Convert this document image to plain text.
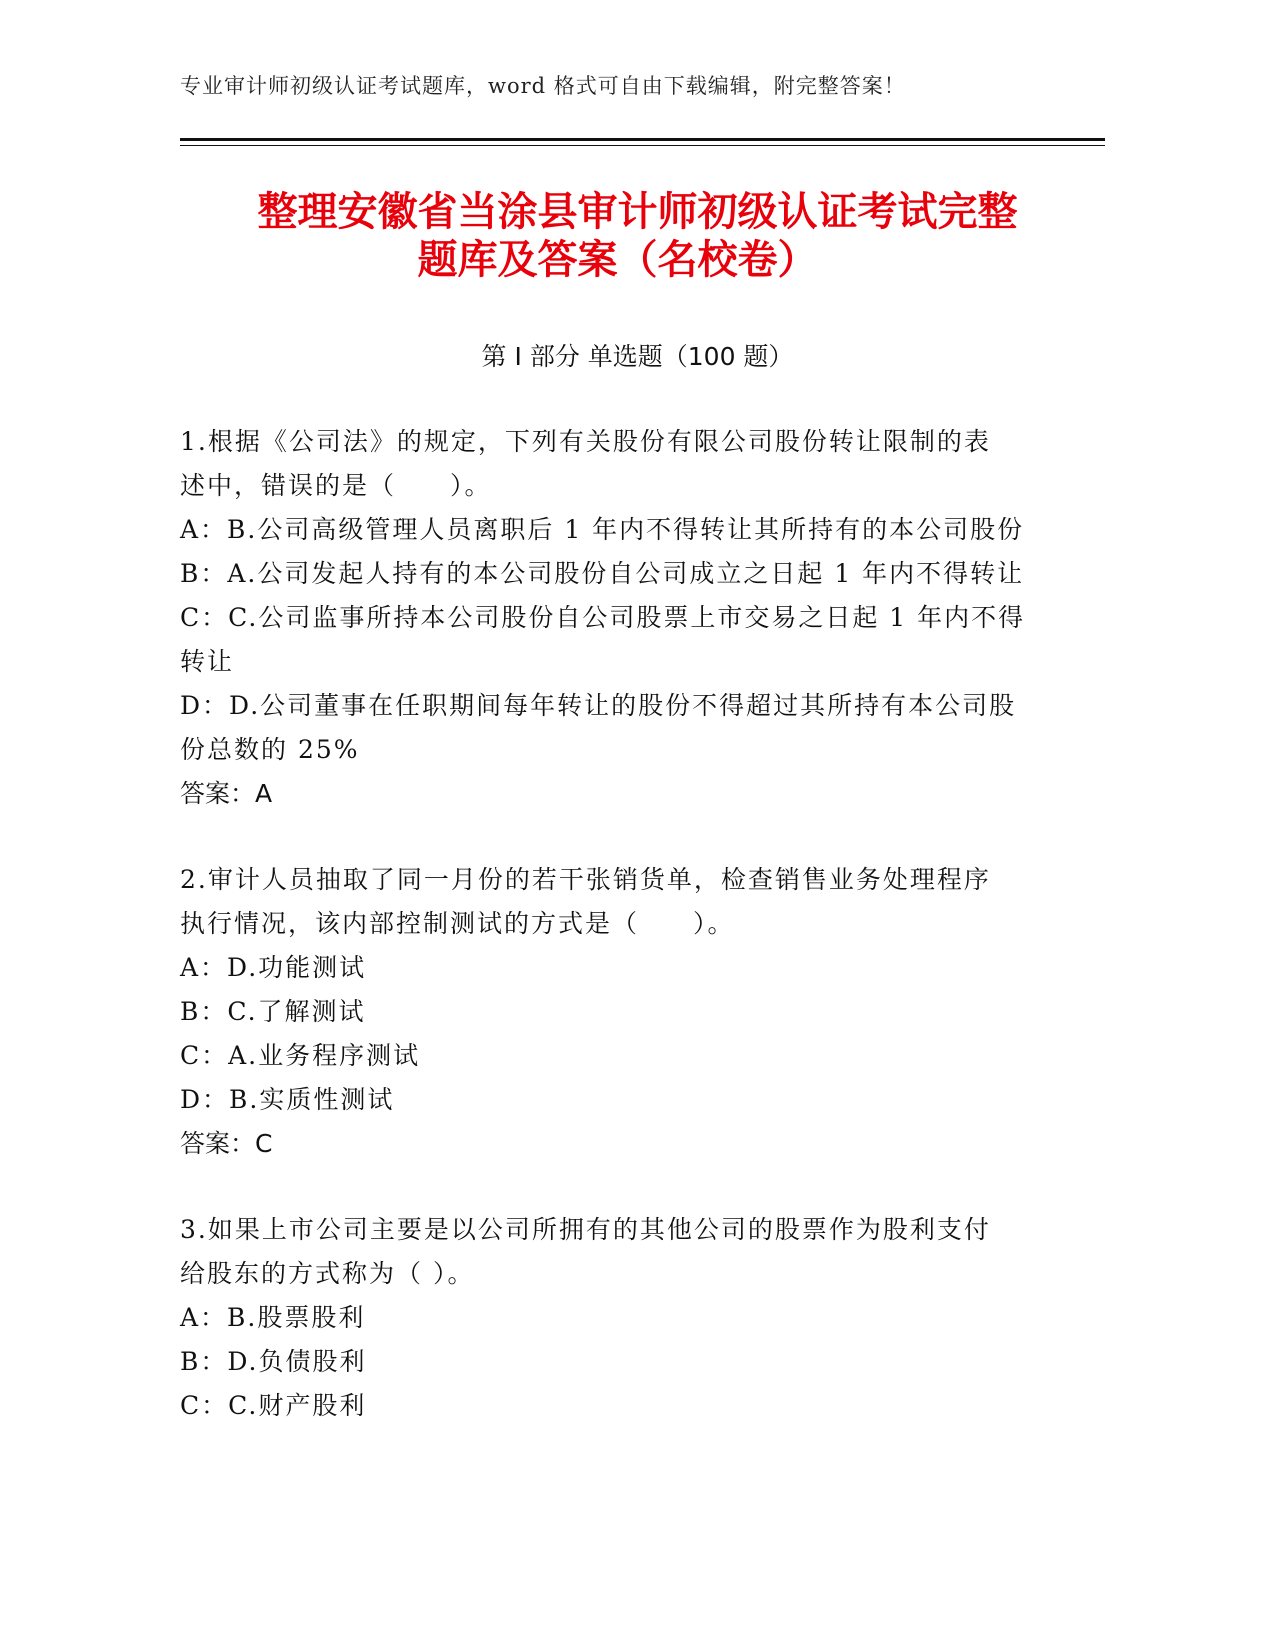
专业审计师初级认证考试题库，word 格式可自由下载编辑，附完整答案！
整理安徽省当涂县审计师初级认证考试完整
题库及答案（名校卷）
第 I 部分 单选题（100 题）

1.根据《公司法》的规定，下列有关股份有限公司股份转让限制的表

述中，错误的是（　　）。

A：B.公司高级管理人员离职后 1 年内不得转让其所持有的本公司股份

B：A.公司发起人持有的本公司股份自公司成立之日起 1 年内不得转让

C：C.公司监事所持本公司股份自公司股票上市交易之日起 1 年内不得

转让

D：D.公司董事在任职期间每年转让的股份不得超过其所持有本公司股

份总数的 25%

答案：A

2.审计人员抽取了同一月份的若干张销货单，检查销售业务处理程序

执行情况，该内部控制测试的方式是（　　）。

A：D.功能测试

B：C.了解测试

C：A.业务程序测试

D：B.实质性测试

答案：C

3.如果上市公司主要是以公司所拥有的其他公司的股票作为股利支付

给股东的方式称为（ ）。

A：B.股票股利

B：D.负债股利

C：C.财产股利
